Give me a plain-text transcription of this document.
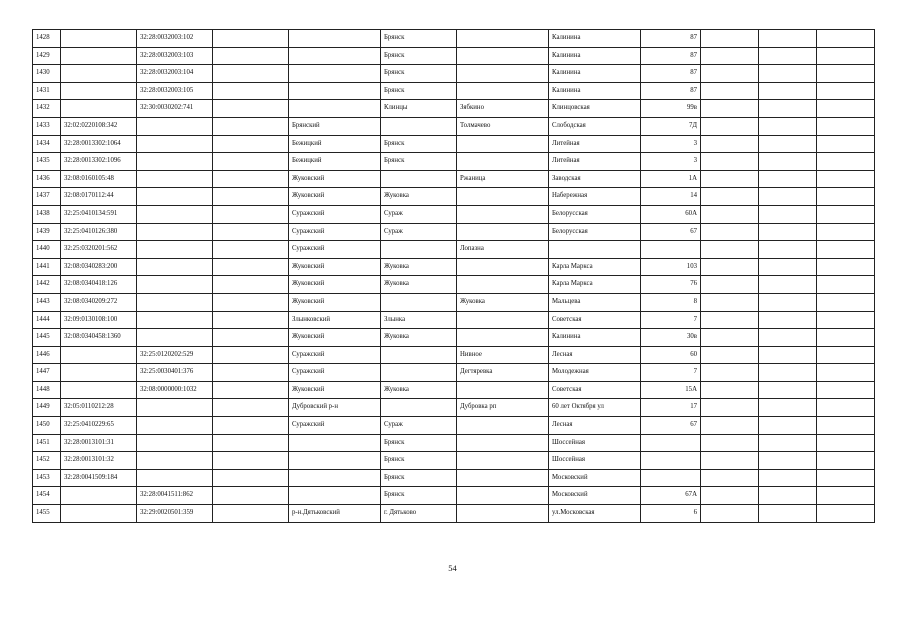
1428		32:28:0032003:102			Брянск		Калинина	87			
1429		32:28:0032003:103			Брянск		Калинина	87			
1430		32:28:0032003:104			Брянск		Калинина	87			
1431		32:28:0032003:105			Брянск		Калинина	87			
1432		32:30:0030202:741			Клинцы	Зябкино	Клинцовская	99в			
1433	32:02:0220108:342			Брянский		Толмачево	Слободская	7Д			
1434	32:28:0013302:1064			Бежицкий	Брянск		Литейная	3			
1435	32:28:0013302:1096			Бежицкий	Брянск		Литейная	3			
1436	32:08:0160105:48			Жуковский		Ржаница	Заводская	1А			
1437	32:08:0170112:44			Жуковский	Жуковка		Набережная	14			
1438	32:25:0410134:591			Суражский	Сураж		Белорусская	60А			
1439	32:25:0410126:380			Суражский	Сураж		Белорусская	67			
1440	32:25:0320201:562			Суражский		Лопазна					
1441	32:08:0340283:200			Жуковский	Жуковка		Карла Маркса	103			
1442	32:08:0340418:126			Жуковский	Жуковка		Карла Маркса	76			
1443	32:08:0340209:272			Жуковский		Жуковка	Мальцева	8			
1444	32:09:0130108:100			Злынковский	Злынка		Советская	7			
1445	32:08:0340458:1360			Жуковский	Жуковка		Калинина	30в			
1446		32:25:0120202:529		Суражский		Нивное	Лесная	60			
1447		32:25:0030401:376		Суражский		Дегтяревка	Молодежная	7			
1448		32:08:0000000:1032		Жуковский	Жуковка		Советская	15А			
1449	32:05:0110212:28			Дубровский р-н		Дубровка рп	60 лет Октября ул	17			
1450	32:25:0410229:65			Суражский	Сураж		Лесная	67			
1451	32:28:0013101:31				Брянск		Шоссейная				
1452	32:28:0013101:32				Брянск		Шоссейная				
1453	32:28:0041509:184				Брянск		Московский				
1454		32:28:0041511:862			Брянск		Московский	67А			
1455		32:29:0020501:359		р-н.Дятьковский	г. Дятьково		ул.Московская	6			
54
